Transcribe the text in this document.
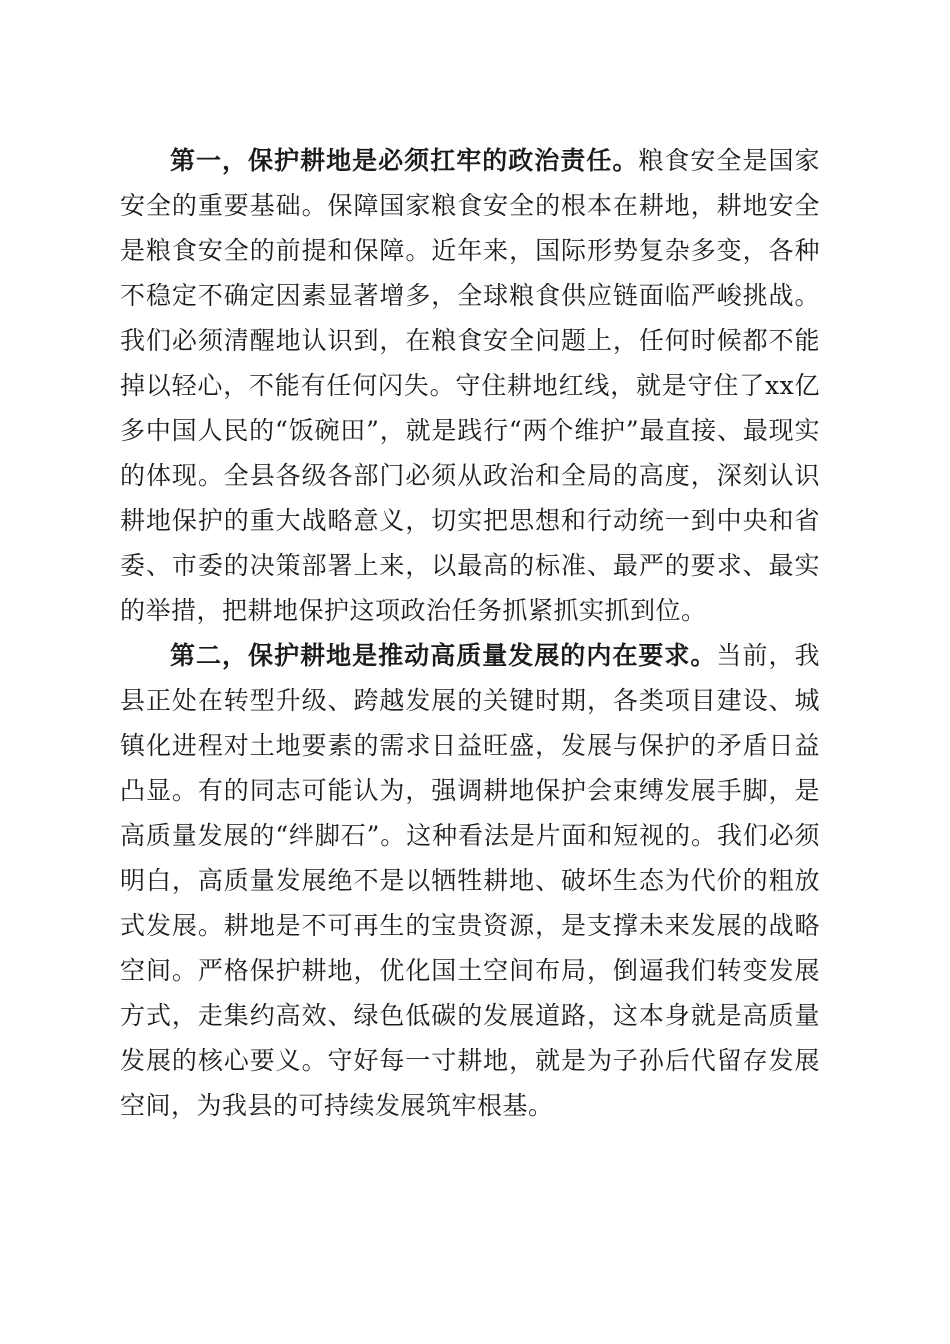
第一，保护耕地是必须扛牢的政治责任。粮食安全是国家安全的重要基础。保障国家粮食安全的根本在耕地，耕地安全是粮食安全的前提和保障。近年来，国际形势复杂多变，各种不稳定不确定因素显著增多，全球粮食供应链面临严峻挑战。我们必须清醒地认识到，在粮食安全问题上，任何时候都不能掉以轻心，不能有任何闪失。守住耕地红线，就是守住了xx亿多中国人民的“饭碗田”，就是践行“两个维护”最直接、最现实的体现。全县各级各部门必须从政治和全局的高度，深刻认识耕地保护的重大战略意义，切实把思想和行动统一到中央和省委、市委的决策部署上来，以最高的标准、最严的要求、最实的举措，把耕地保护这项政治任务抓紧抓实抓到位。

第二，保护耕地是推动高质量发展的内在要求。当前，我县正处在转型升级、跨越发展的关键时期，各类项目建设、城镇化进程对土地要素的需求日益旺盛，发展与保护的矛盾日益凸显。有的同志可能认为，强调耕地保护会束缚发展手脚，是高质量发展的“绊脚石”。这种看法是片面和短视的。我们必须明白，高质量发展绝不是以牺牲耕地、破坏生态为代价的粗放式发展。耕地是不可再生的宝贵资源，是支撑未来发展的战略空间。严格保护耕地，优化国土空间布局，倒逼我们转变发展方式，走集约高效、绿色低碳的发展道路，这本身就是高质量发展的核心要义。守好每一寸耕地，就是为子孙后代留存发展空间，为我县的可持续发展筑牢根基。
